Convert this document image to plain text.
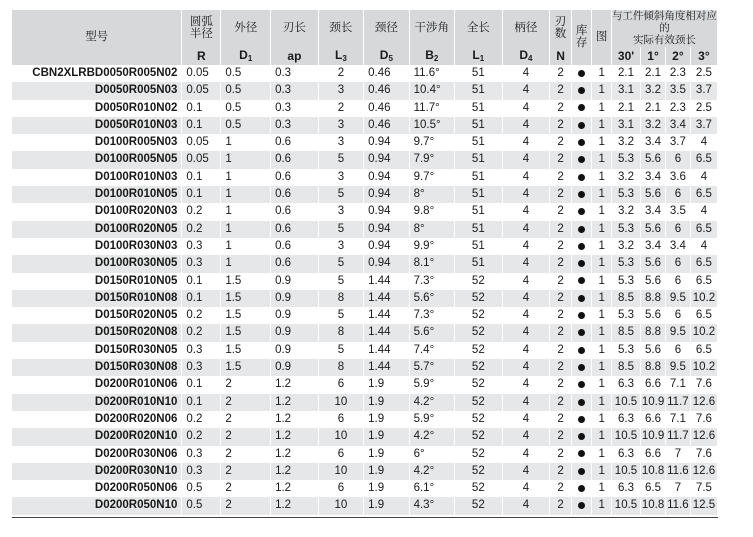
型号	圆弧
半径	外径	刃长	颈长	颈径	干涉角	全长	柄径	刃
数	库
存	图	与工件倾斜角度相对应的
实际有效颈长			
	R	D1	ap	L3	D5	B2	L1	D4	N			30'	1°	2°	3°
CBN2XLRBD0050R005N02	0.05	0.5	0.3	2	0.46	11.6°	51	4	2		1	2.1	2.1	2.3	2.5
D0050R005N03	0.05	0.5	0.3	3	0.46	10.4°	51	4	2		1	3.1	3.2	3.5	3.7
D0050R010N02	0.1	0.5	0.3	2	0.46	11.7°	51	4	2		1	2.1	2.1	2.3	2.5
D0050R010N03	0.1	0.5	0.3	3	0.46	10.5°	51	4	2		1	3.1	3.2	3.4	3.7
D0100R005N03	0.05	1	0.6	3	0.94	9.7°	51	4	2		1	3.2	3.4	3.7	4
D0100R005N05	0.05	1	0.6	5	0.94	7.9°	51	4	2		1	5.3	5.6	6	6.5
D0100R010N03	0.1	1	0.6	3	0.94	9.7°	51	4	2		1	3.2	3.4	3.6	4
D0100R010N05	0.1	1	0.6	5	0.94	8°	51	4	2		1	5.3	5.6	6	6.5
D0100R020N03	0.2	1	0.6	3	0.94	9.8°	51	4	2		1	3.2	3.4	3.5	4
D0100R020N05	0.2	1	0.6	5	0.94	8°	51	4	2		1	5.3	5.6	6	6.5
D0100R030N03	0.3	1	0.6	3	0.94	9.9°	51	4	2		1	3.2	3.4	3.4	4
D0100R030N05	0.3	1	0.6	5	0.94	8.1°	51	4	2		1	5.3	5.6	6	6.5
D0150R010N05	0.1	1.5	0.9	5	1.44	7.3°	52	4	2		1	5.3	5.6	6	6.5
D0150R010N08	0.1	1.5	0.9	8	1.44	5.6°	52	4	2		1	8.5	8.8	9.5	10.2
D0150R020N05	0.2	1.5	0.9	5	1.44	7.3°	52	4	2		1	5.3	5.6	6	6.5
D0150R020N08	0.2	1.5	0.9	8	1.44	5.6°	52	4	2		1	8.5	8.8	9.5	10.2
D0150R030N05	0.3	1.5	0.9	5	1.44	7.4°	52	4	2		1	5.3	5.6	6	6.5
D0150R030N08	0.3	1.5	0.9	8	1.44	5.7°	52	4	2		1	8.5	8.8	9.5	10.2
D0200R010N06	0.1	2	1.2	6	1.9	5.9°	52	4	2		1	6.3	6.6	7.1	7.6
D0200R010N10	0.1	2	1.2	10	1.9	4.2°	52	4	2		1	10.5	10.9	11.7	12.6
D0200R020N06	0.2	2	1.2	6	1.9	5.9°	52	4	2		1	6.3	6.6	7.1	7.6
D0200R020N10	0.2	2	1.2	10	1.9	4.2°	52	4	2		1	10.5	10.9	11.7	12.6
D0200R030N06	0.3	2	1.2	6	1.9	6°	52	4	2		1	6.3	6.6	7	7.6
D0200R030N10	0.3	2	1.2	10	1.9	4.2°	52	4	2		1	10.5	10.8	11.6	12.6
D0200R050N06	0.5	2	1.2	6	1.9	6.1°	52	4	2		1	6.3	6.5	7	7.5
D0200R050N10	0.5	2	1.2	10	1.9	4.3°	52	4	2		1	10.5	10.8	11.6	12.5
